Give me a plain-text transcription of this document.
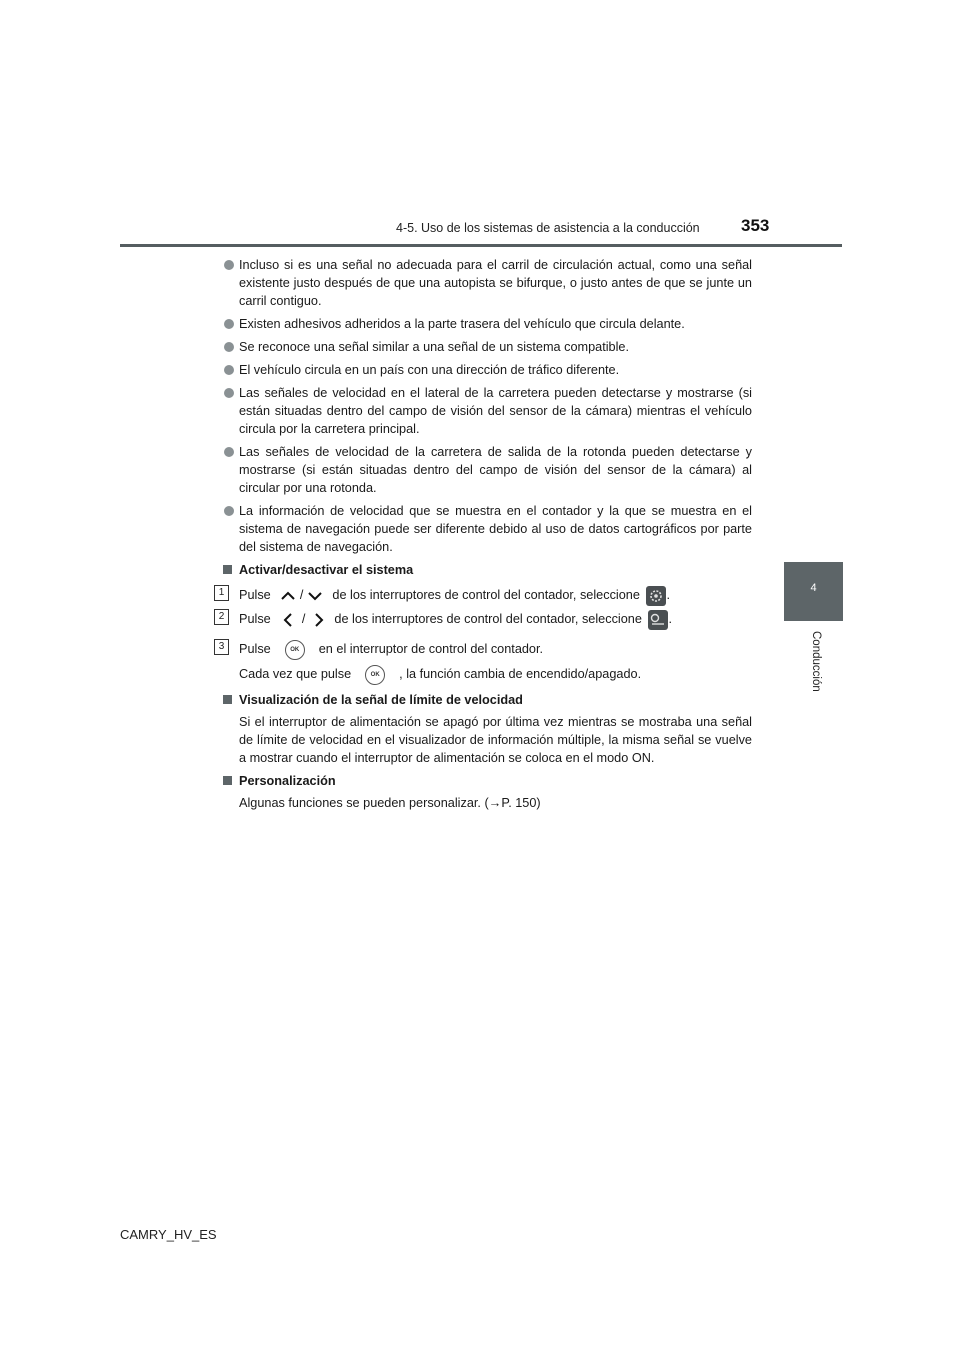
4-5. Uso de los sistemas de asistencia a la conducción 353
4
Conducción
Incluso si es una señal no adecuada para el carril de circulación actual, como una señal existente justo después de que una autopista se bifurque, o justo antes de que se junte un carril contiguo.
Existen adhesivos adheridos a la parte trasera del vehículo que circula delante.
Se reconoce una señal similar a una señal de un sistema compatible.
El vehículo circula en un país con una dirección de tráfico diferente.
Las señales de velocidad en el lateral de la carretera pueden detectarse y mostrarse (si están situadas dentro del campo de visión del sensor de la cámara) mientras el vehículo circula por la carretera principal.
Las señales de velocidad de la carretera de salida de la rotonda pueden detectarse y mostrarse (si están situadas dentro del campo de visión del sensor de la cámara) al circular por una rotonda.
La información de velocidad que se muestra en el contador y la que se muestra en el sistema de navegación puede ser diferente debido al uso de datos cartográficos por parte del sistema de navegación.
Activar/desactivar el sistema
1	Pulse / de los interruptores de control del contador, seleccione .
2	Pulse / de los interruptores de control del contador, seleccione .
3	Pulse	OK en el interruptor de control del contador.
Cada vez que pulse	OK , la función cambia de encendido/apagado.
Visualización de la señal de límite de velocidad
Si el interruptor de alimentación se apagó por última vez mientras se mostraba una señal de límite de velocidad en el visualizador de información múltiple, la misma señal se vuelve a mostrar cuando el interruptor de alimentación se coloca en el modo ON.
Personalización
Algunas funciones se pueden personalizar. (→P. 150)
CAMRY_HV_ES
